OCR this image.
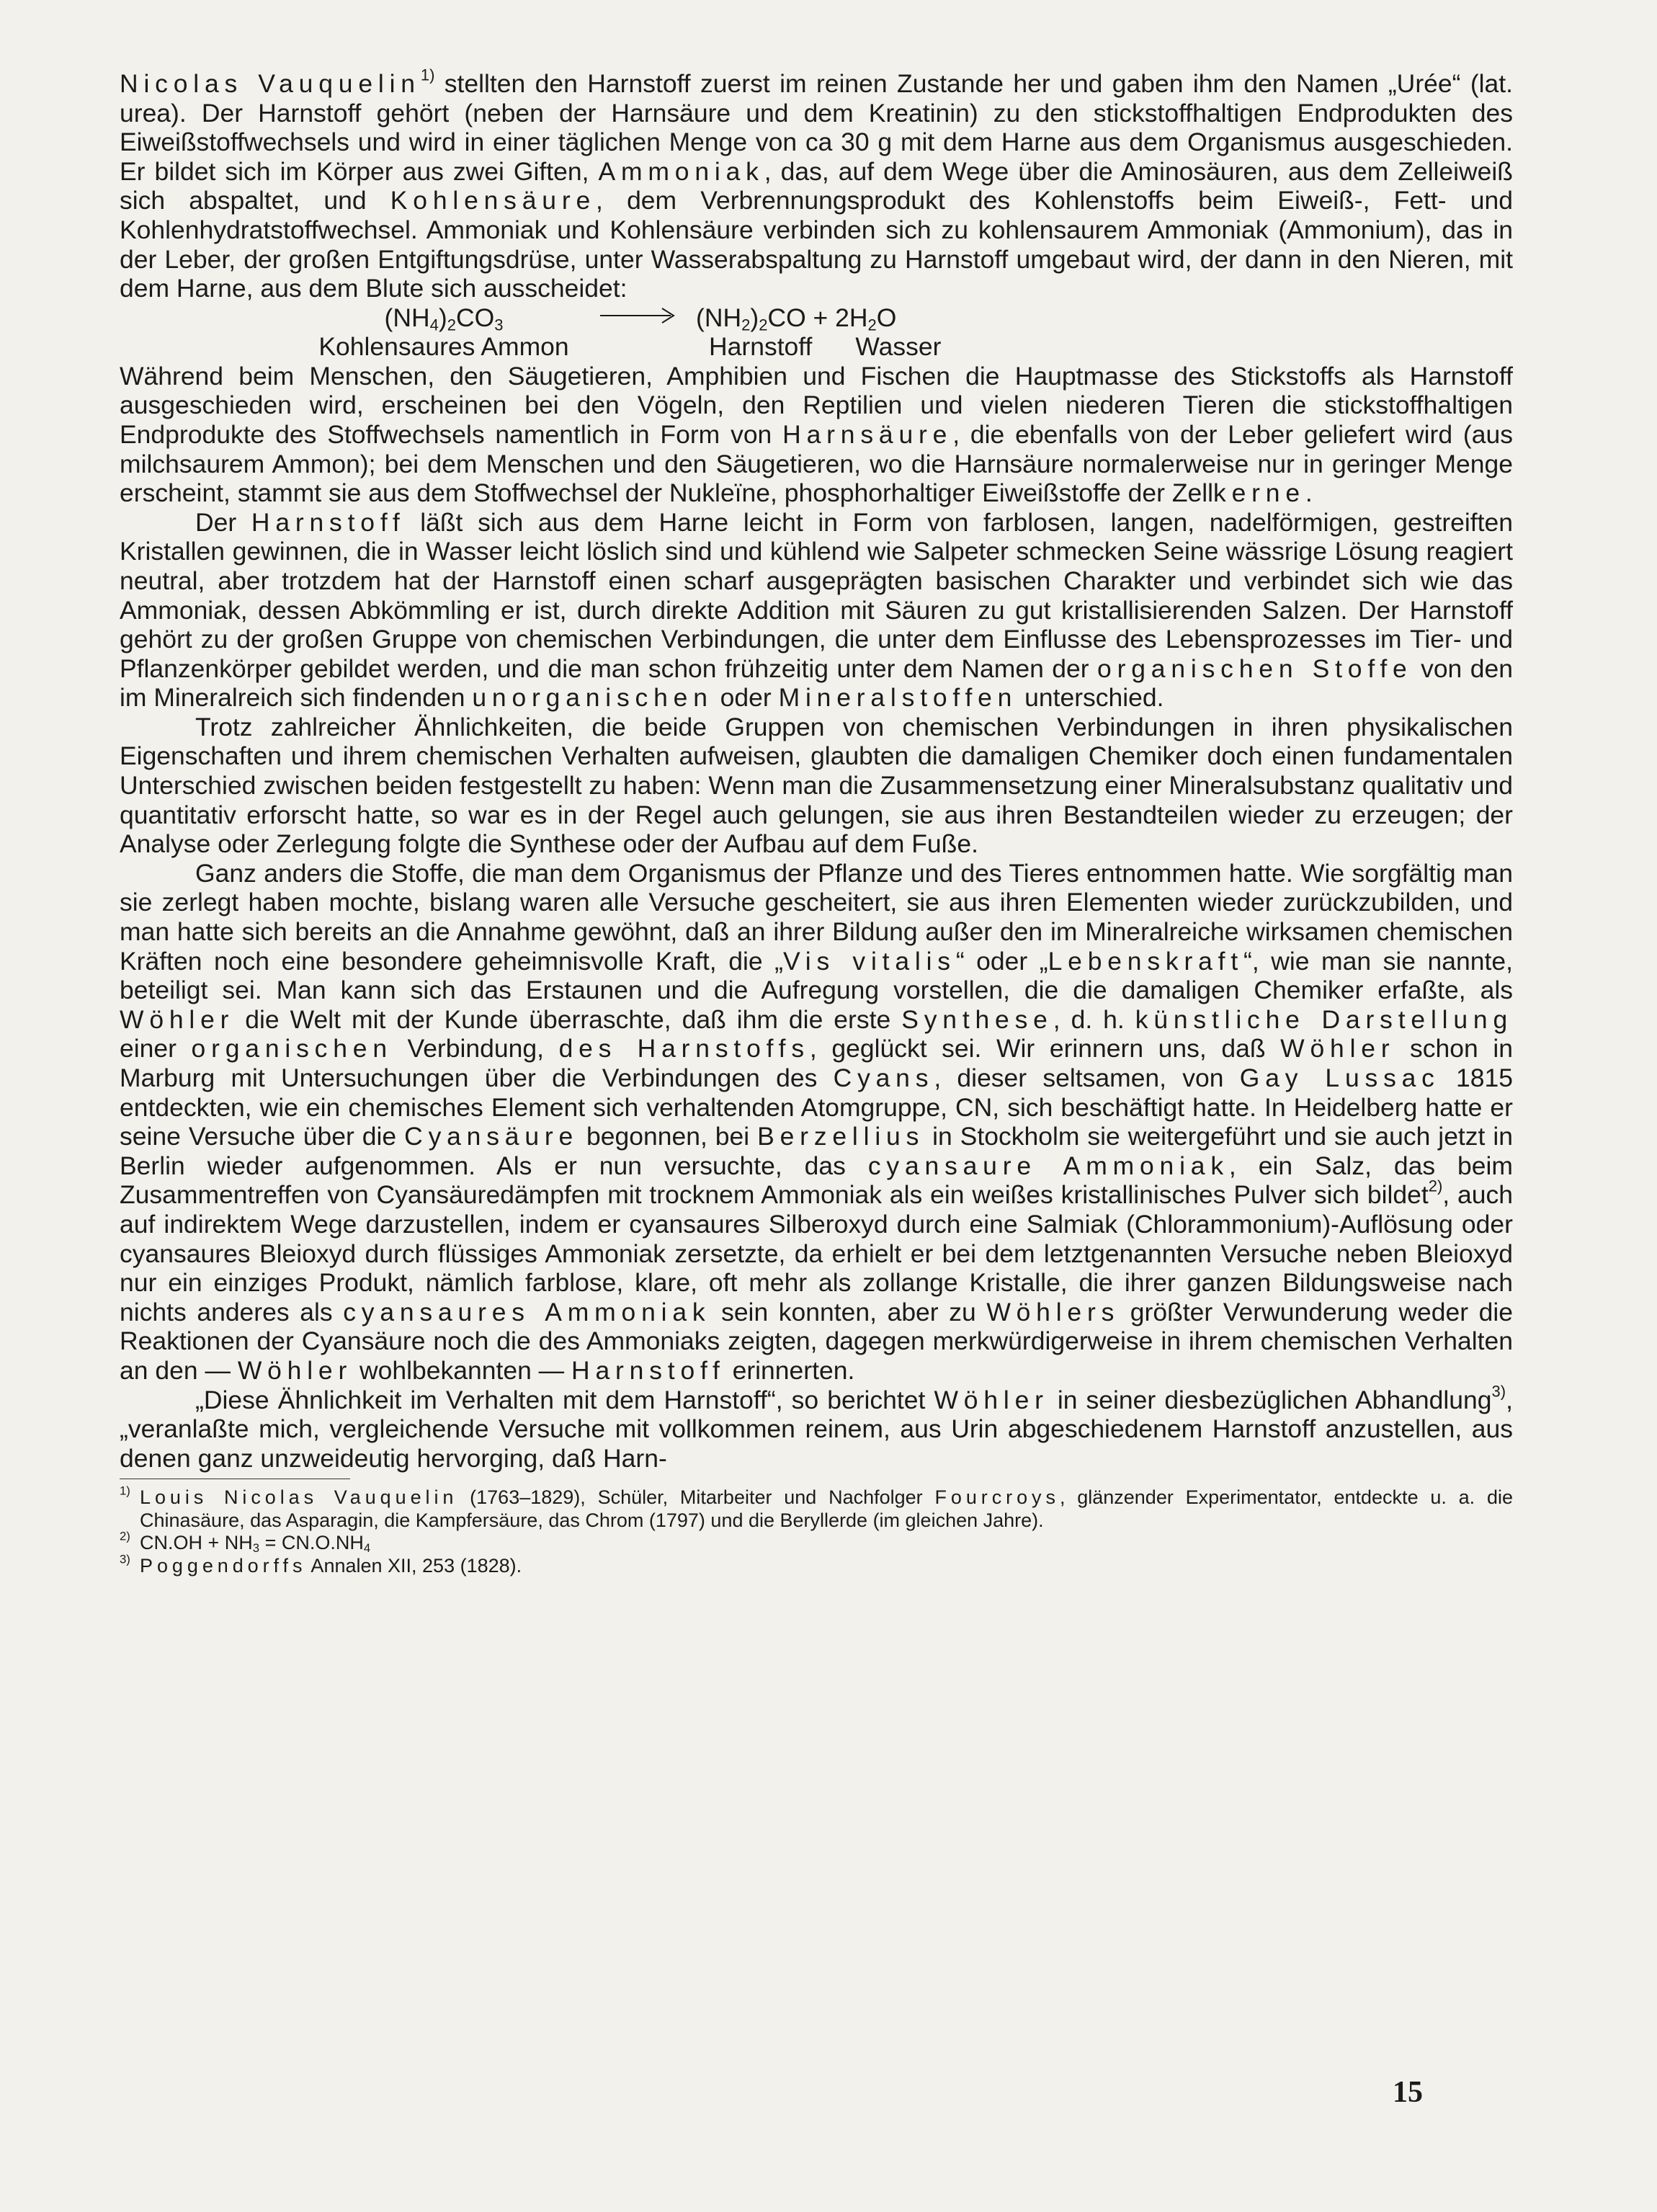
Nicolas Vauquelin$^{1)}$ stellten den Harnstoff zuerst im reinen Zustande her und gaben ihm den Namen „Urée“ (lat. urea). Der Harnstoff gehört (neben der Harnsäure und dem Kreatinin) zu den stickstoffhaltigen Endprodukten des Eiweißstoffwechsels und wird in einer täglichen Menge von ca 30 g mit dem Harne aus dem Organismus ausgeschieden. Er bildet sich im Körper aus zwei Giften, Ammoniak, das, auf dem Wege über die Aminosäuren, aus dem Zelleiweiß sich abspaltet, und Kohlensäure, dem Verbrennungsprodukt des Kohlenstoffs beim Eiweiß-, Fett- und Kohlenhydratstoffwechsel. Ammoniak und Kohlensäure verbinden sich zu kohlensaurem Ammoniak (Ammonium), das in der Leber, der großen Entgiftungsdrüse, unter Wasserabspaltung zu Harnstoff umgebaut wird, der dann in den Nieren, mit dem Harne, aus dem Blute sich ausscheidet:

$(NH_4)_2CO_3$
Kohlensaures Ammon
→ $(NH_2)_2CO + 2H_2O$
Harnstoff Wasser

Während beim Menschen, den Säugetieren, Amphibien und Fischen die Hauptmasse des Stickstoffs als Harnstoff ausgeschieden wird, erscheinen bei den Vögeln, den Reptilien und vielen niederen Tieren die stickstoffhaltigen Endprodukte des Stoffwechsels namentlich in Form von Harnsäure, die ebenfalls von der Leber geliefert wird (aus milchsaurem Ammon); bei dem Menschen und den Säugetieren, wo die Harnsäure normalerweise nur in geringer Menge erscheint, stammt sie aus dem Stoffwechsel der Nukleïne, phosphorhaltiger Eiweißstoffe der Zellkerne.

Der Harnstoff läßt sich aus dem Harne leicht in Form von farblosen, langen, nadelförmigen, gestreiften Kristallen gewinnen, die in Wasser leicht löslich sind und kühlend wie Salpeter schmecken Seine wässrige Lösung reagiert neutral, aber trotzdem hat der Harnstoff einen scharf ausgeprägten basischen Charakter und verbindet sich wie das Ammoniak, dessen Abkömmling er ist, durch direkte Addition mit Säuren zu gut kristallisierenden Salzen. Der Harnstoff gehört zu der großen Gruppe von chemischen Verbindungen, die unter dem Einflusse des Lebensprozesses im Tier- und Pflanzenkörper gebildet werden, und die man schon frühzeitig unter dem Namen der organischen Stoffe von den im Mineralreich sich findenden unorganischen oder Mineralstoffen unterschied.

Trotz zahlreicher Ähnlichkeiten, die beide Gruppen von chemischen Verbindungen in ihren physikalischen Eigenschaften und ihrem chemischen Verhalten aufweisen, glaubten die damaligen Chemiker doch einen fundamentalen Unterschied zwischen beiden festgestellt zu haben: Wenn man die Zusammensetzung einer Mineralsubstanz qualitativ und quantitativ erforscht hatte, so war es in der Regel auch gelungen, sie aus ihren Bestandteilen wieder zu erzeugen; der Analyse oder Zerlegung folgte die Synthese oder der Aufbau auf dem Fuße.

Ganz anders die Stoffe, die man dem Organismus der Pflanze und des Tieres entnommen hatte. Wie sorgfältig man sie zerlegt haben mochte, bislang waren alle Versuche gescheitert, sie aus ihren Elementen wieder zurückzubilden, und man hatte sich bereits an die Annahme gewöhnt, daß an ihrer Bildung außer den im Mineralreiche wirksamen chemischen Kräften noch eine besondere geheimnisvolle Kraft, die „Vis vitalis“ oder „Lebenskraft“, wie man sie nannte, beteiligt sei. Man kann sich das Erstaunen und die Aufregung vorstellen, die die damaligen Chemiker erfaßte, als Wöhler die Welt mit der Kunde überraschte, daß ihm die erste Synthese, d. h. künstliche Darstellung einer organischen Verbindung, des Harnstoffs, geglückt sei. Wir erinnern uns, daß Wöhler schon in Marburg mit Untersuchungen über die Verbindungen des Cyans, dieser seltsamen, von Gay Lussac 1815 entdeckten, wie ein chemisches Element sich verhaltenden Atomgruppe, CN, sich beschäftigt hatte. In Heidelberg hatte er seine Versuche über die Cyansäure begonnen, bei Berzellius in Stockholm sie weitergeführt und sie auch jetzt in Berlin wieder aufgenommen. Als er nun versuchte, das cyansaure Ammoniak, ein Salz, das beim Zusammentreffen von Cyansäuredämpfen mit trocknem Ammoniak als ein weißes kristallinisches Pulver sich bildet$^{2)}$, auch auf indirektem Wege darzustellen, indem er cyansaures Silberoxyd durch eine Salmiak (Chlorammonium)-Auflösung oder cyansaures Bleioxyd durch flüssiges Ammoniak zersetzte, da erhielt er bei dem letztgenannten Versuche neben Bleioxyd nur ein einziges Produkt, nämlich farblose, klare, oft mehr als zollange Kristalle, die ihrer ganzen Bildungsweise nach nichts anderes als cyansaures Ammoniak sein konnten, aber zu Wöhlers größter Verwunderung weder die Reaktionen der Cyansäure noch die des Ammoniaks zeigten, dagegen merkwürdigerweise in ihrem chemischen Verhalten an den — Wöhler wohlbekannten — Harnstoff erinnerten.

„Diese Ähnlichkeit im Verhalten mit dem Harnstoff“, so berichtet Wöhler in seiner diesbezüglichen Abhandlung$^{3)}$, „veranlaßte mich, vergleichende Versuche mit vollkommen reinem, aus Urin abgeschiedenem Harnstoff anzustellen, aus denen ganz unzweideutig hervorging, daß Harn-

$^{1)}$ Louis Nicolas Vauquelin (1763–1829), Schüler, Mitarbeiter und Nachfolger Fourcroys, glänzender Experimentator, entdeckte u. a. die Chinasäure, das Asparagin, die Kampfersäure, das Chrom (1797) und die Beryllerde (im gleichen Jahre).
$^{2)}$ $CN.OH + NH_3 = CN.O.NH_4$
$^{3)}$ Poggendorffs Annalen XII, 253 (1828).
15
